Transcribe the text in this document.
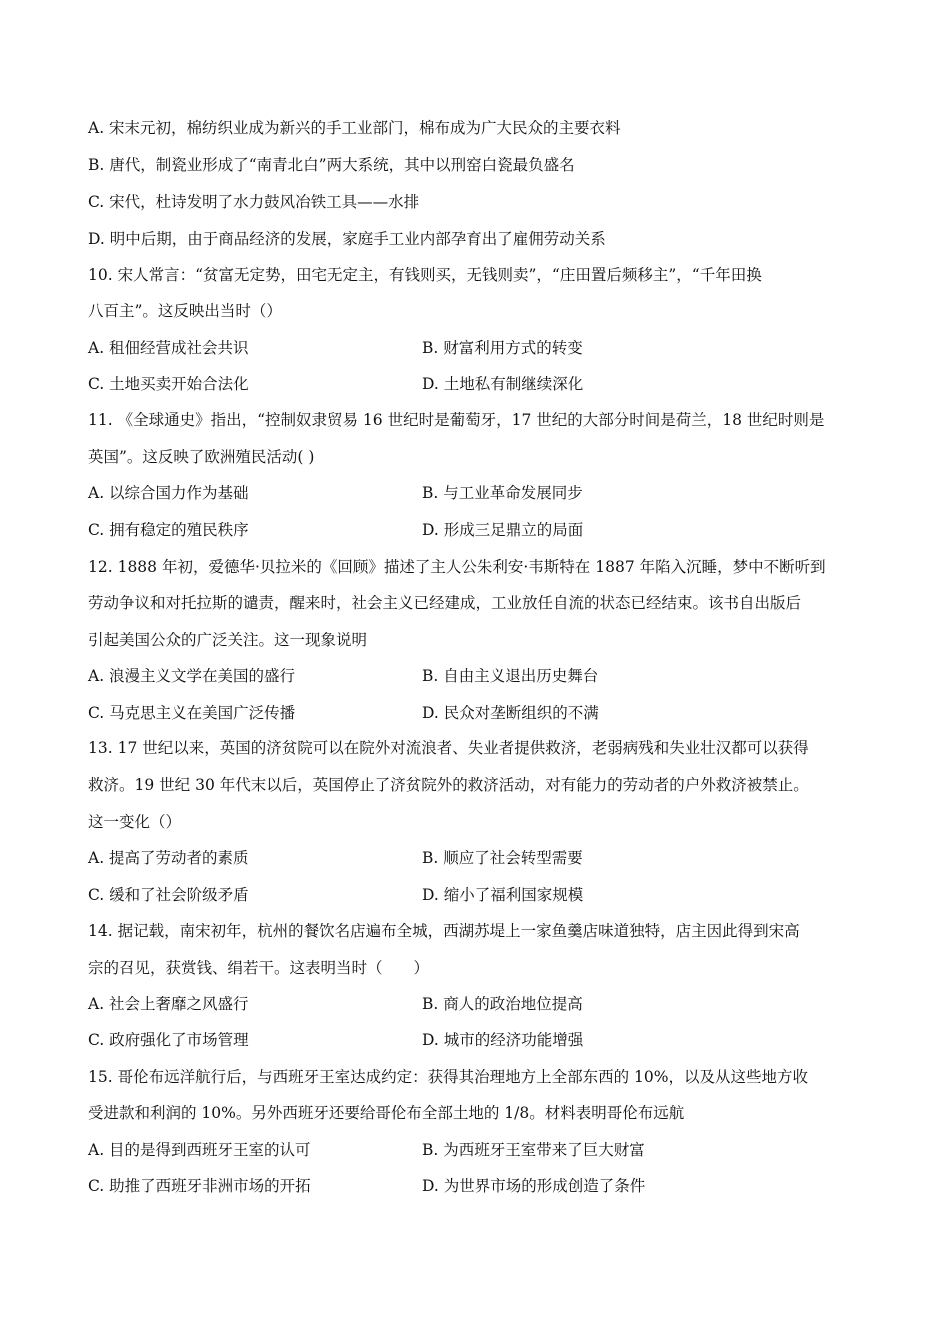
A. 宋末元初，棉纺织业成为新兴的手工业部门，棉布成为广大民众的主要衣料
B. 唐代，制瓷业形成了“南青北白”两大系统，其中以刑窑白瓷最负盛名
C. 宋代，杜诗发明了水力鼓风冶铁工具——水排
D. 明中后期，由于商品经济的发展，家庭手工业内部孕育出了雇佣劳动关系
10. 宋人常言：“贫富无定势，田宅无定主，有钱则买，无钱则卖”，“庄田置后频移主”，“千年田换
八百主”。这反映出当时（）
A. 租佃经营成社会共识	B. 财富利用方式的转变
C. 土地买卖开始合法化	D. 土地私有制继续深化
11. 《全球通史》指出，“控制奴隶贸易 16 世纪时是葡萄牙，17 世纪的大部分时间是荷兰，18 世纪时则是
英国”。这反映了欧洲殖民活动( )
A. 以综合国力作为基础	B. 与工业革命发展同步
C. 拥有稳定的殖民秩序	D. 形成三足鼎立的局面
12. 1888 年初，爱德华·贝拉米的《回顾》描述了主人公朱利安·韦斯特在 1887 年陷入沉睡，梦中不断听到
劳动争议和对托拉斯的谴责，醒来时，社会主义已经建成，工业放任自流的状态已经结束。该书自出版后
引起美国公众的广泛关注。这一现象说明
A. 浪漫主义文学在美国的盛行	B. 自由主义退出历史舞台
C. 马克思主义在美国广泛传播	D. 民众对垄断组织的不满
13. 17 世纪以来，英国的济贫院可以在院外对流浪者、失业者提供救济，老弱病残和失业壮汉都可以获得
救济。19 世纪 30 年代末以后，英国停止了济贫院外的救济活动，对有能力的劳动者的户外救济被禁止。
这一变化（）
A. 提高了劳动者的素质	B. 顺应了社会转型需要
C. 缓和了社会阶级矛盾	D. 缩小了福利国家规模
14. 据记载，南宋初年，杭州的餐饮名店遍布全城，西湖苏堤上一家鱼羹店味道独特，店主因此得到宋高
宗的召见，获赏钱、绢若干。这表明当时（　　）
A. 社会上奢靡之风盛行	B. 商人的政治地位提高
C. 政府强化了市场管理	D. 城市的经济功能增强
15. 哥伦布远洋航行后，与西班牙王室达成约定：获得其治理地方上全部东西的 10%，以及从这些地方收
受进款和利润的 10%。另外西班牙还要给哥伦布全部土地的 1/8。材料表明哥伦布远航
A. 目的是得到西班牙王室的认可	B. 为西班牙王室带来了巨大财富
C. 助推了西班牙非洲市场的开拓	D. 为世界市场的形成创造了条件
